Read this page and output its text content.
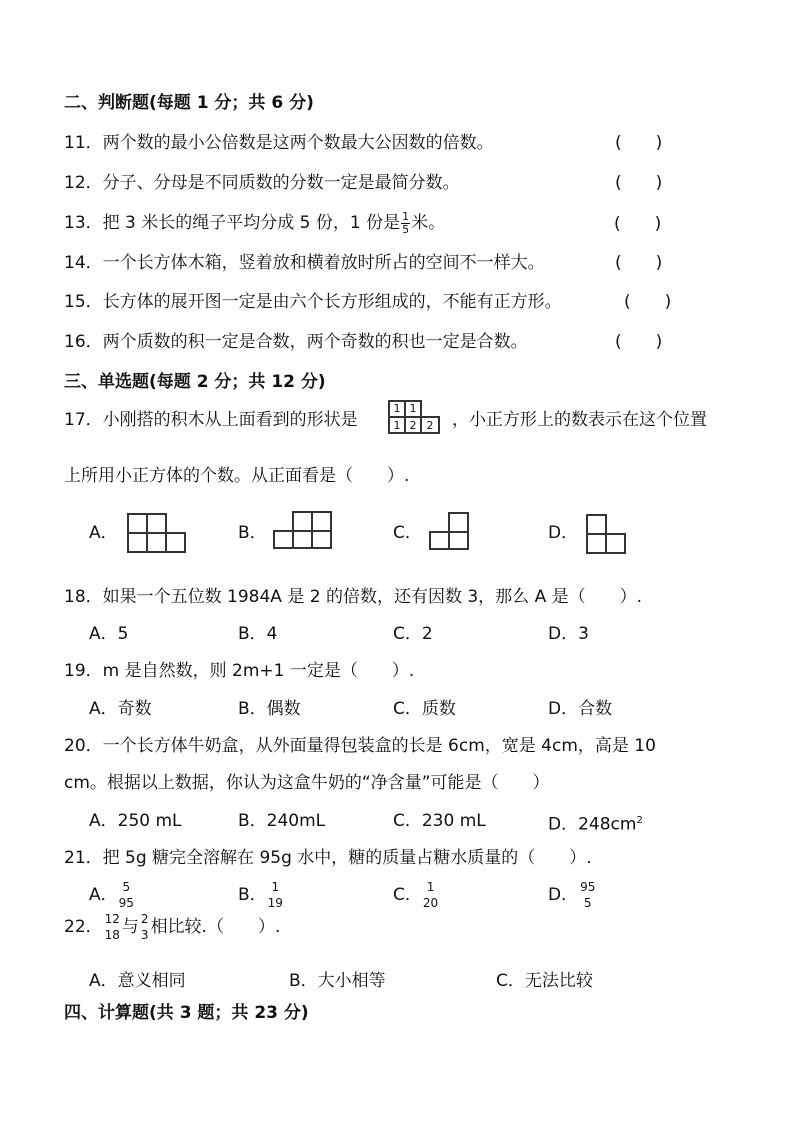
二、判断题(每题 1 分；共 6 分)
11．两个数的最小公倍数是这两个数最大公因数的倍数。	(　　)
12．分子、分母是不同质数的分数一定是最简分数。	(　　)
13．把 3 米长的绳子平均分成 5 份，1 份是 $\frac{1}{5}$ 米。	(　　)
14．一个长方体木箱，竖着放和横着放时所占的空间不一样大。	(　　)
15．长方体的展开图一定是由六个长方形组成的，不能有正方形。	(　　)
16．两个质数的积一定是合数，两个奇数的积也一定是合数。	(　　)
三、单选题(每题 2 分；共 12 分)
17．小刚搭的积木从上面看到的形状是
1 1
1 2 2 ，小正方形上的数表示在这个位置
上所用小正方体的个数。从正面看是（　　）.
A．	B．	C．	D．
18．如果一个五位数 1984A 是 2 的倍数，还有因数 3，那么 A 是（　　）.
A．5	B．4	C．2	D．3
19．m 是自然数，则 2m+1 一定是（　　）.
A．奇数	B．偶数	C．质数	D．合数
20．一个长方体牛奶盒，从外面量得包装盒的长是 6cm，宽是 4cm，高是 10
cm。根据以上数据，你认为这盒牛奶的“净含量”可能是（　　）
A．250 mL	B．240mL	C．230 mL	D．$248cm^2$
21．把 5g 糖完全溶解在 95g 水中，糖的质量占糖水质量的（　　）.
A． 5
95	B． 1
19	C． 1
20	D． 95
5
22． 12
18 与 2
3 相比较.（　　）.
A．意义相同	B．大小相等	C．无法比较
四、计算题(共 3 题；共 23 分)
